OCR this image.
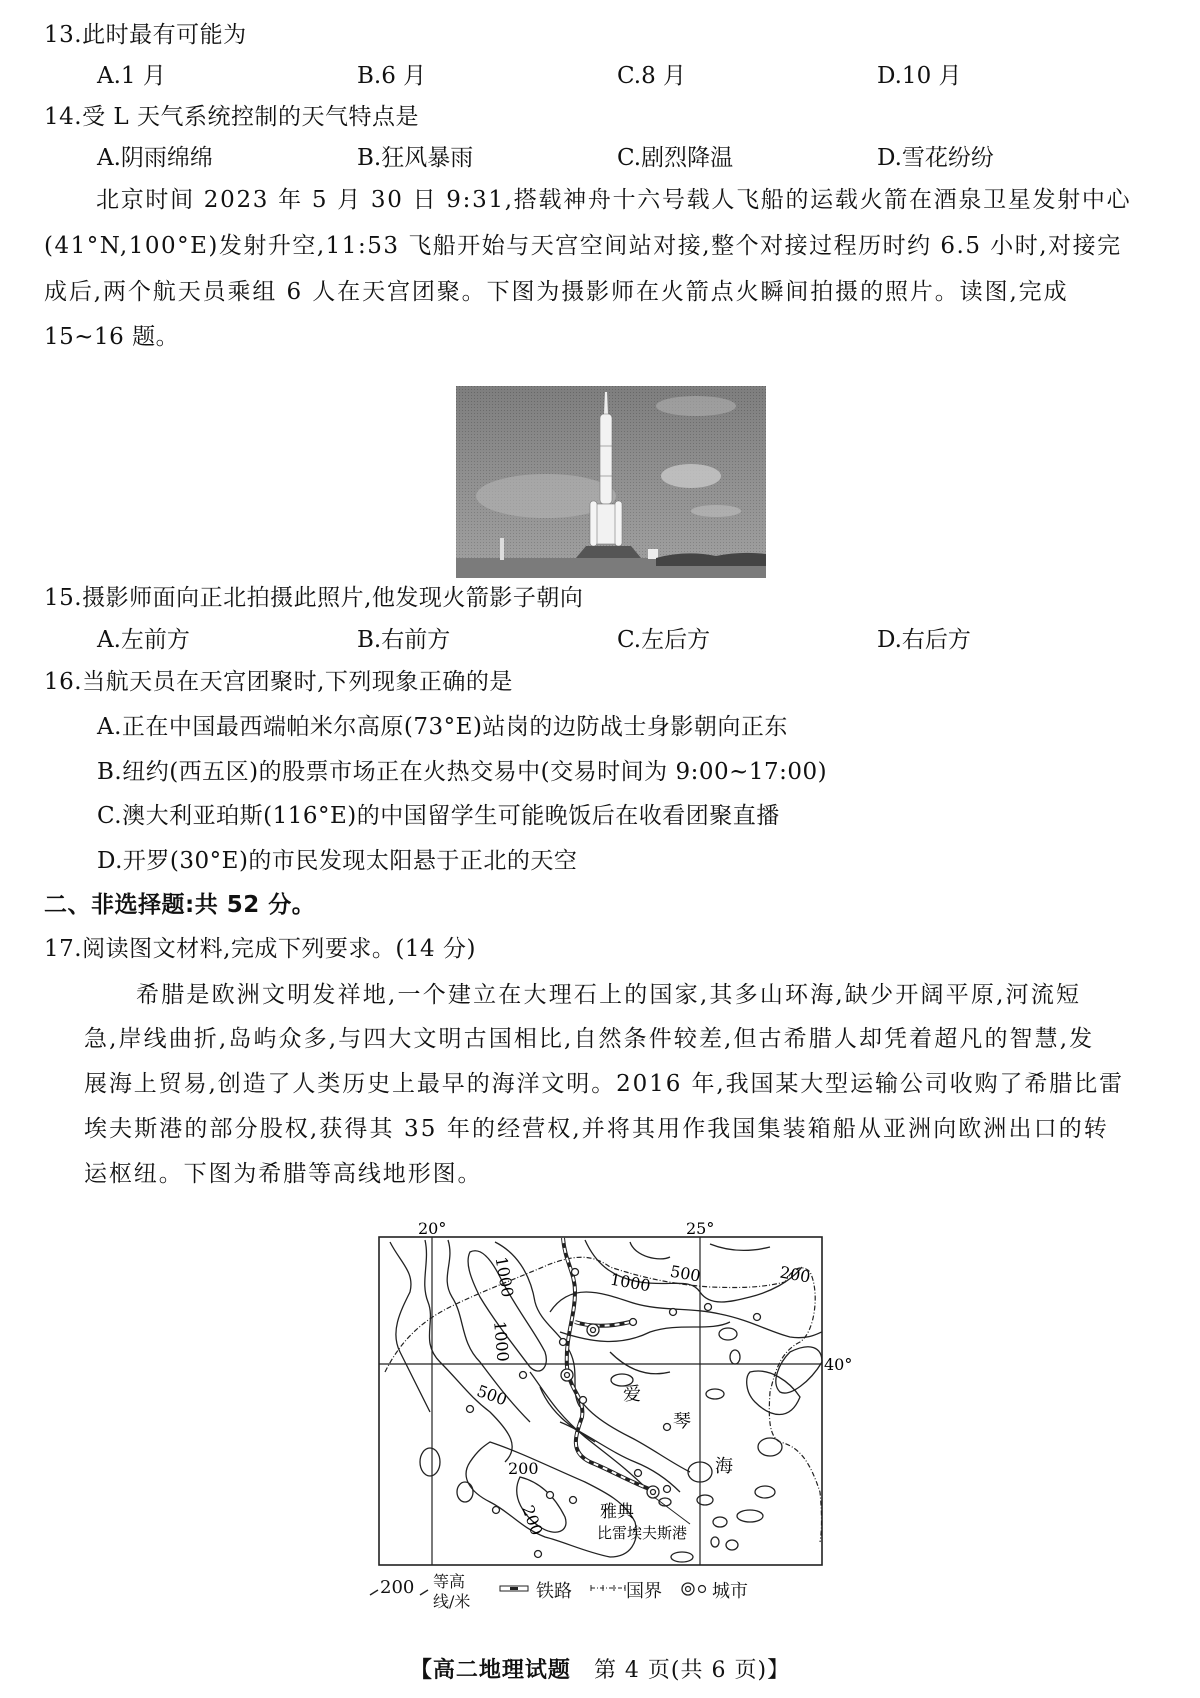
13.此时最有可能为
A.1 月	B.6 月	C.8 月	D.10 月
14.受 L 天气系统控制的天气特点是
A.阴雨绵绵	B.狂风暴雨	C.剧烈降温	D.雪花纷纷
北京时间 2023 年 5 月 30 日 9:31,搭载神舟十六号载人飞船的运载火箭在酒泉卫星发射中心
(41°N,100°E)发射升空,11:53 飞船开始与天宫空间站对接,整个对接过程历时约 6.5 小时,对接完
成后,两个航天员乘组 6 人在天宫团聚。下图为摄影师在火箭点火瞬间拍摄的照片。读图,完成
15~16 题。
15.摄影师面向正北拍摄此照片,他发现火箭影子朝向
A.左前方	B.右前方	C.左后方	D.右后方
16.当航天员在天宫团聚时,下列现象正确的是
A.正在中国最西端帕米尔高原(73°E)站岗的边防战士身影朝向正东
B.纽约(西五区)的股票市场正在火热交易中(交易时间为 9:00~17:00)
C.澳大利亚珀斯(116°E)的中国留学生可能晚饭后在收看团聚直播
D.开罗(30°E)的市民发现太阳悬于正北的天空
二、非选择题:共 52 分。
17.阅读图文材料,完成下列要求。(14 分)
希腊是欧洲文明发祥地,一个建立在大理石上的国家,其多山环海,缺少开阔平原,河流短
急,岸线曲折,岛屿众多,与四大文明古国相比,自然条件较差,但古希腊人却凭着超凡的智慧,发
展海上贸易,创造了人类历史上最早的海洋文明。2016 年,我国某大型运输公司收购了希腊比雷
埃夫斯港的部分股权,获得其 35 年的经营权,并将其用作我国集装箱船从亚洲向欧洲出口的转
运枢纽。下图为希腊等高线地形图。
20°	25°
40°
1000
1000
1000 500	200
500
200
200
爱
琴
海
雅典
比雷埃夫斯港
200 等高
线/米	铁路	国界	城市
【高二地理试题　 第 4 页(共 6 页)】
